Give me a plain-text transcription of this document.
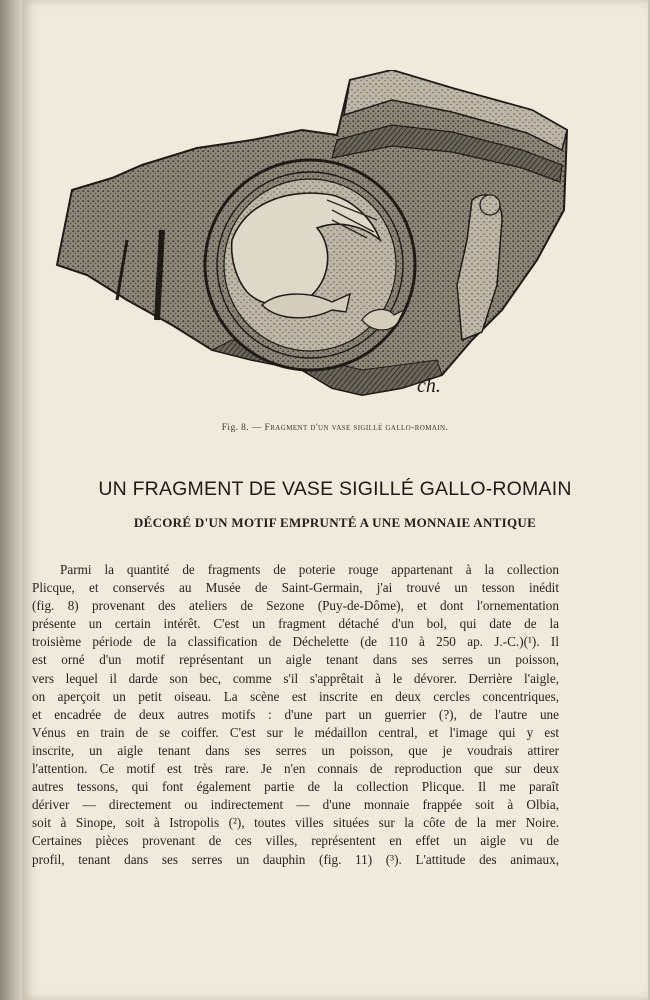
ch.
Fig. 8. — Fragment d'un vase sigillé gallo-romain.
UN FRAGMENT DE VASE SIGILLÉ GALLO-ROMAIN
DÉCORÉ D'UN MOTIF EMPRUNTÉ A UNE MONNAIE ANTIQUE
Parmi la quantité de fragments de poterie rouge appartenant à la collection
Plicque, et conservés au Musée de Saint-Germain, j'ai trouvé un tesson inédit
(fig. 8) provenant des ateliers de Sezone (Puy-de-Dôme), et dont l'ornementation
présente un certain intérêt. C'est un fragment détaché d'un bol, qui date de la
troisième période de la classification de Déchelette (de 110 à 250 ap. J.-C.)(¹). Il
est orné d'un motif représentant un aigle tenant dans ses serres un poisson,
vers lequel il darde son bec, comme s'il s'apprêtait à le dévorer. Derrière l'aigle,
on aperçoit un petit oiseau. La scène est inscrite en deux cercles concentriques,
et encadrée de deux autres motifs : d'une part un guerrier (?), de l'autre une
Vénus en train de se coiffer. C'est sur le médaillon central, et l'image qui y est
inscrite, un aigle tenant dans ses serres un poisson, que je voudrais attirer
l'attention. Ce motif est très rare. Je n'en connais de reproduction que sur deux
autres tessons, qui font également partie de la collection Plicque. Il me paraît
dériver — directement ou indirectement — d'une monnaie frappée soit à Olbia,
soit à Sinope, soit à Istropolis (²), toutes villes situées sur la côte de la mer Noire.
Certaines pièces provenant de ces villes, représentent en effet un aigle vu de
profil, tenant dans ses serres un dauphin (fig. 11) (³). L'attitude des animaux,
